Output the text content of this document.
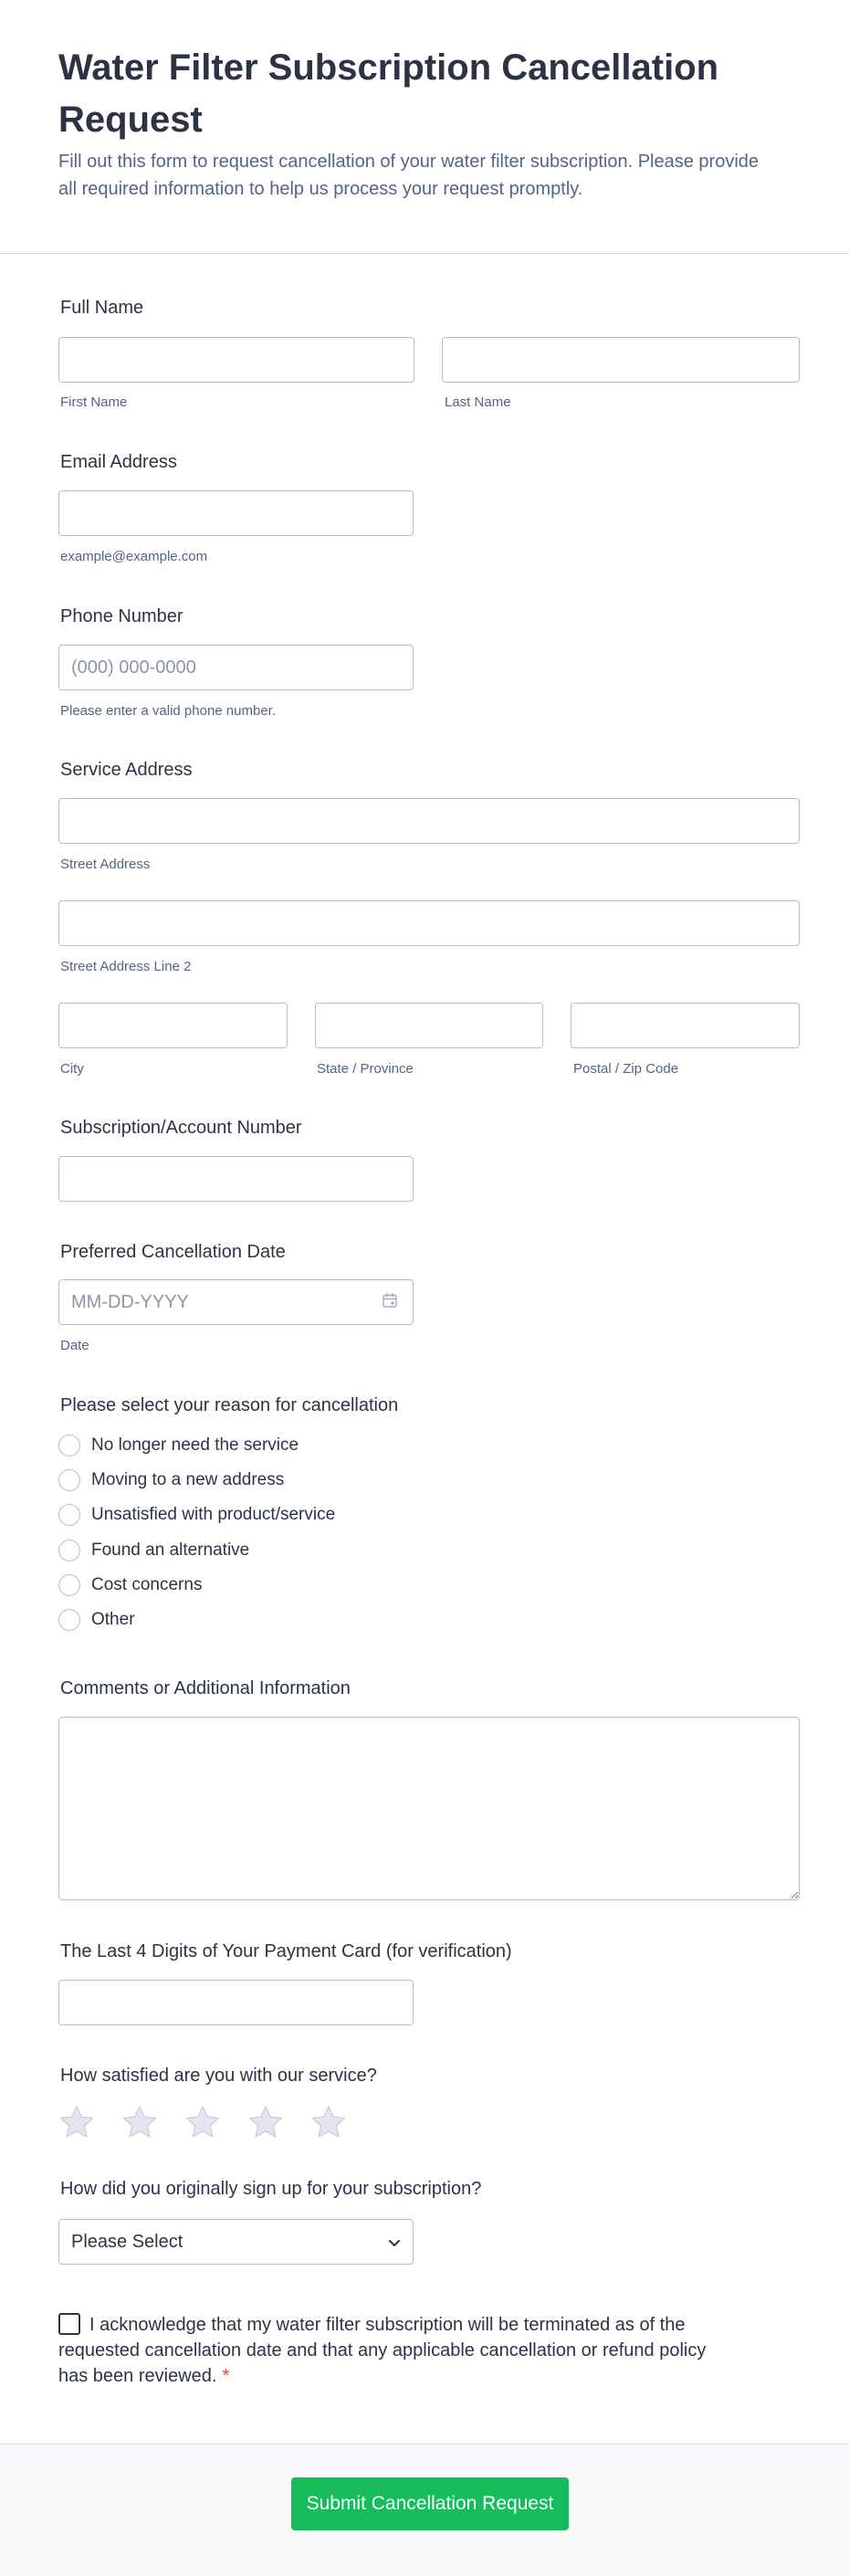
Water Filter Subscription Cancellation Request

Fill out this form to request cancellation of your water filter subscription. Please provide all required information to help us process your request promptly.

Full Name
First Name	Last Name
Email Address
example@example.com
Phone Number
(000) 000-0000
Please enter a valid phone number.
Service Address
Street Address
Street Address Line 2
City	State / Province	Postal / Zip Code
Subscription/Account Number
Preferred Cancellation Date
MM-DD-YYYY
Date
Please select your reason for cancellation
No longer need the service
Moving to a new address
Unsatisfied with product/service
Found an alternative
Cost concerns
Other
Comments or Additional Information
The Last 4 Digits of Your Payment Card (for verification)
How satisfied are you with our service?
How did you originally sign up for your subscription?
Please Select
I acknowledge that my water filter subscription will be terminated as of the requested cancellation date and that any applicable cancellation or refund policy has been reviewed. *
Submit Cancellation Request
